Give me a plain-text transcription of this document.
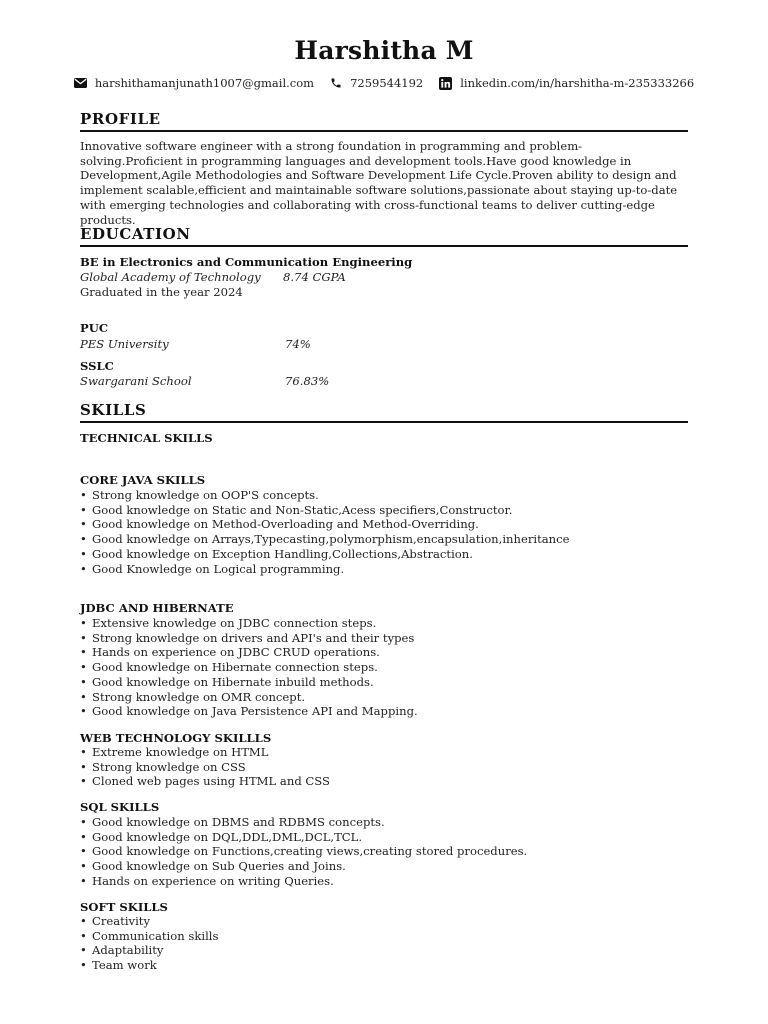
Harshitha M
harshithamanjunath1007@gmail.com	7259544192	linkedin.com/in/harshitha-m-235333266
PROFILE
Innovative software engineer with a strong foundation in programming and problem-solving.Proficient in programming languages and development tools.Have good knowledge in Development,Agile Methodologies and Software Development Life Cycle.Proven ability to design and implement scalable,efficient and maintainable software solutions,passionate about staying up-to-date with emerging technologies and collaborating with cross-functional teams to deliver cutting-edge products.
EDUCATION
BE in Electronics and Communication Engineering
Global Academy of Technology 8.74 CGPA
Graduated in the year 2024
PUC
PES University	74%
SSLC
Swargarani School	76.83%
SKILLS
TECHNICAL SKILLS
CORE JAVA SKILLS
• Strong knowledge on OOP'S concepts.
• Good knowledge on Static and Non-Static,Acess specifiers,Constructor.
• Good knowledge on Method-Overloading and Method-Overriding.
• Good knowledge on Arrays,Typecasting,polymorphism,encapsulation,inheritance
• Good knowledge on Exception Handling,Collections,Abstraction.
• Good Knowledge on Logical programming.
JDBC AND HIBERNATE
• Extensive knowledge on JDBC connection steps.
• Strong knowledge on drivers and API's and their types
• Hands on experience on JDBC CRUD operations.
• Good knowledge on Hibernate connection steps.
• Good knowledge on Hibernate inbuild methods.
• Strong knowledge on OMR concept.
• Good knowledge on Java Persistence API and Mapping.
WEB TECHNOLOGY SKILLLS
• Extreme knowledge on HTML
• Strong knowledge on CSS
• Cloned web pages using HTML and CSS
SQL SKILLS
• Good knowledge on DBMS and RDBMS concepts.
• Good knowledge on DQL,DDL,DML,DCL,TCL.
• Good knowledge on Functions,creating views,creating stored procedures.
• Good knowledge on Sub Queries and Joins.
• Hands on experience on writing Queries.
SOFT SKILLS
• Creativity
• Communication skills
• Adaptability
• Team work
